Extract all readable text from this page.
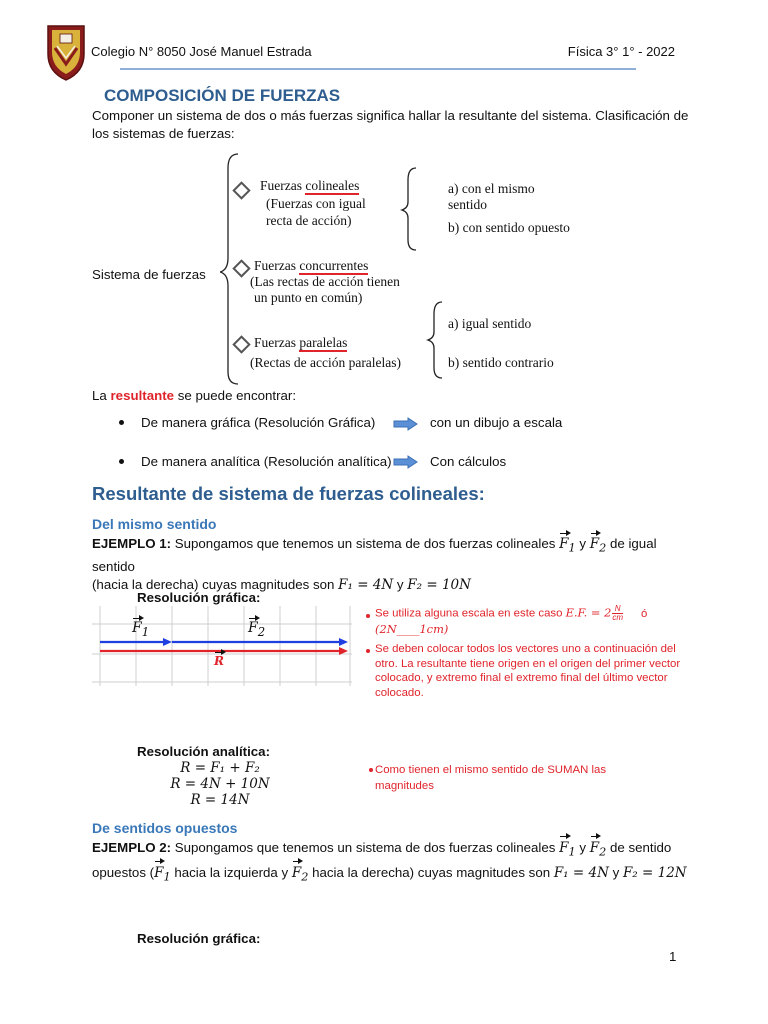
Colegio N° 8050 José Manuel Estrada	Física 3° 1° - 2022
COMPOSICIÓN DE FUERZAS
Componer un sistema de dos o más fuerzas significa hallar la resultante del sistema. Clasificación de
los sistemas de fuerzas:
Fuerzas colineales
(Fuerzas con igual
recta de acción)
a) con el mismo sentido
b) con sentido opuesto
Fuerzas concurrentes
(Las rectas de acción tienen
un punto en común)
Fuerzas paralelas
(Rectas de acción paralelas)
a) igual sentido
b) sentido contrario
Sistema de fuerzas
La resultante se puede encontrar:
De manera gráfica (Resolución Gráfica)	con un dibujo a escala
De manera analítica (Resolución analítica)	Con cálculos
Resultante de sistema de fuerzas colineales:
Del mismo sentido
EJEMPLO 1: Supongamos que tenemos un sistema de dos fuerzas colineales $F_1$ y $F_2$ de igual sentido
(hacia la derecha) cuyas magnitudes son F₁ = 4N y F₂ = 10N
Resolución gráfica:
$F_1$	$F_2$
R
Se utiliza alguna escala en este caso E.F. = $2 \frac{N}{cm}$ ó
(2N____1cm)
Se deben colocar todos los vectores uno a continuación del otro. La resultante tiene origen en el origen del primer vector colocado, y extremo final el extremo final del último vector colocado.
Resolución analítica:
R = F₁ + F₂
R = 4N + 10N
R = 14N
Como tienen el mismo sentido de SUMAN las magnitudes
De sentidos opuestos
EJEMPLO 2: Supongamos que tenemos un sistema de dos fuerzas colineales $F_1$ y $F_2$ de sentido
opuestos ($F_1$ hacia la izquierda y $F_2$ hacia la derecha) cuyas magnitudes son F₁ = 4N y F₂ = 12N
Resolución gráfica:
1
